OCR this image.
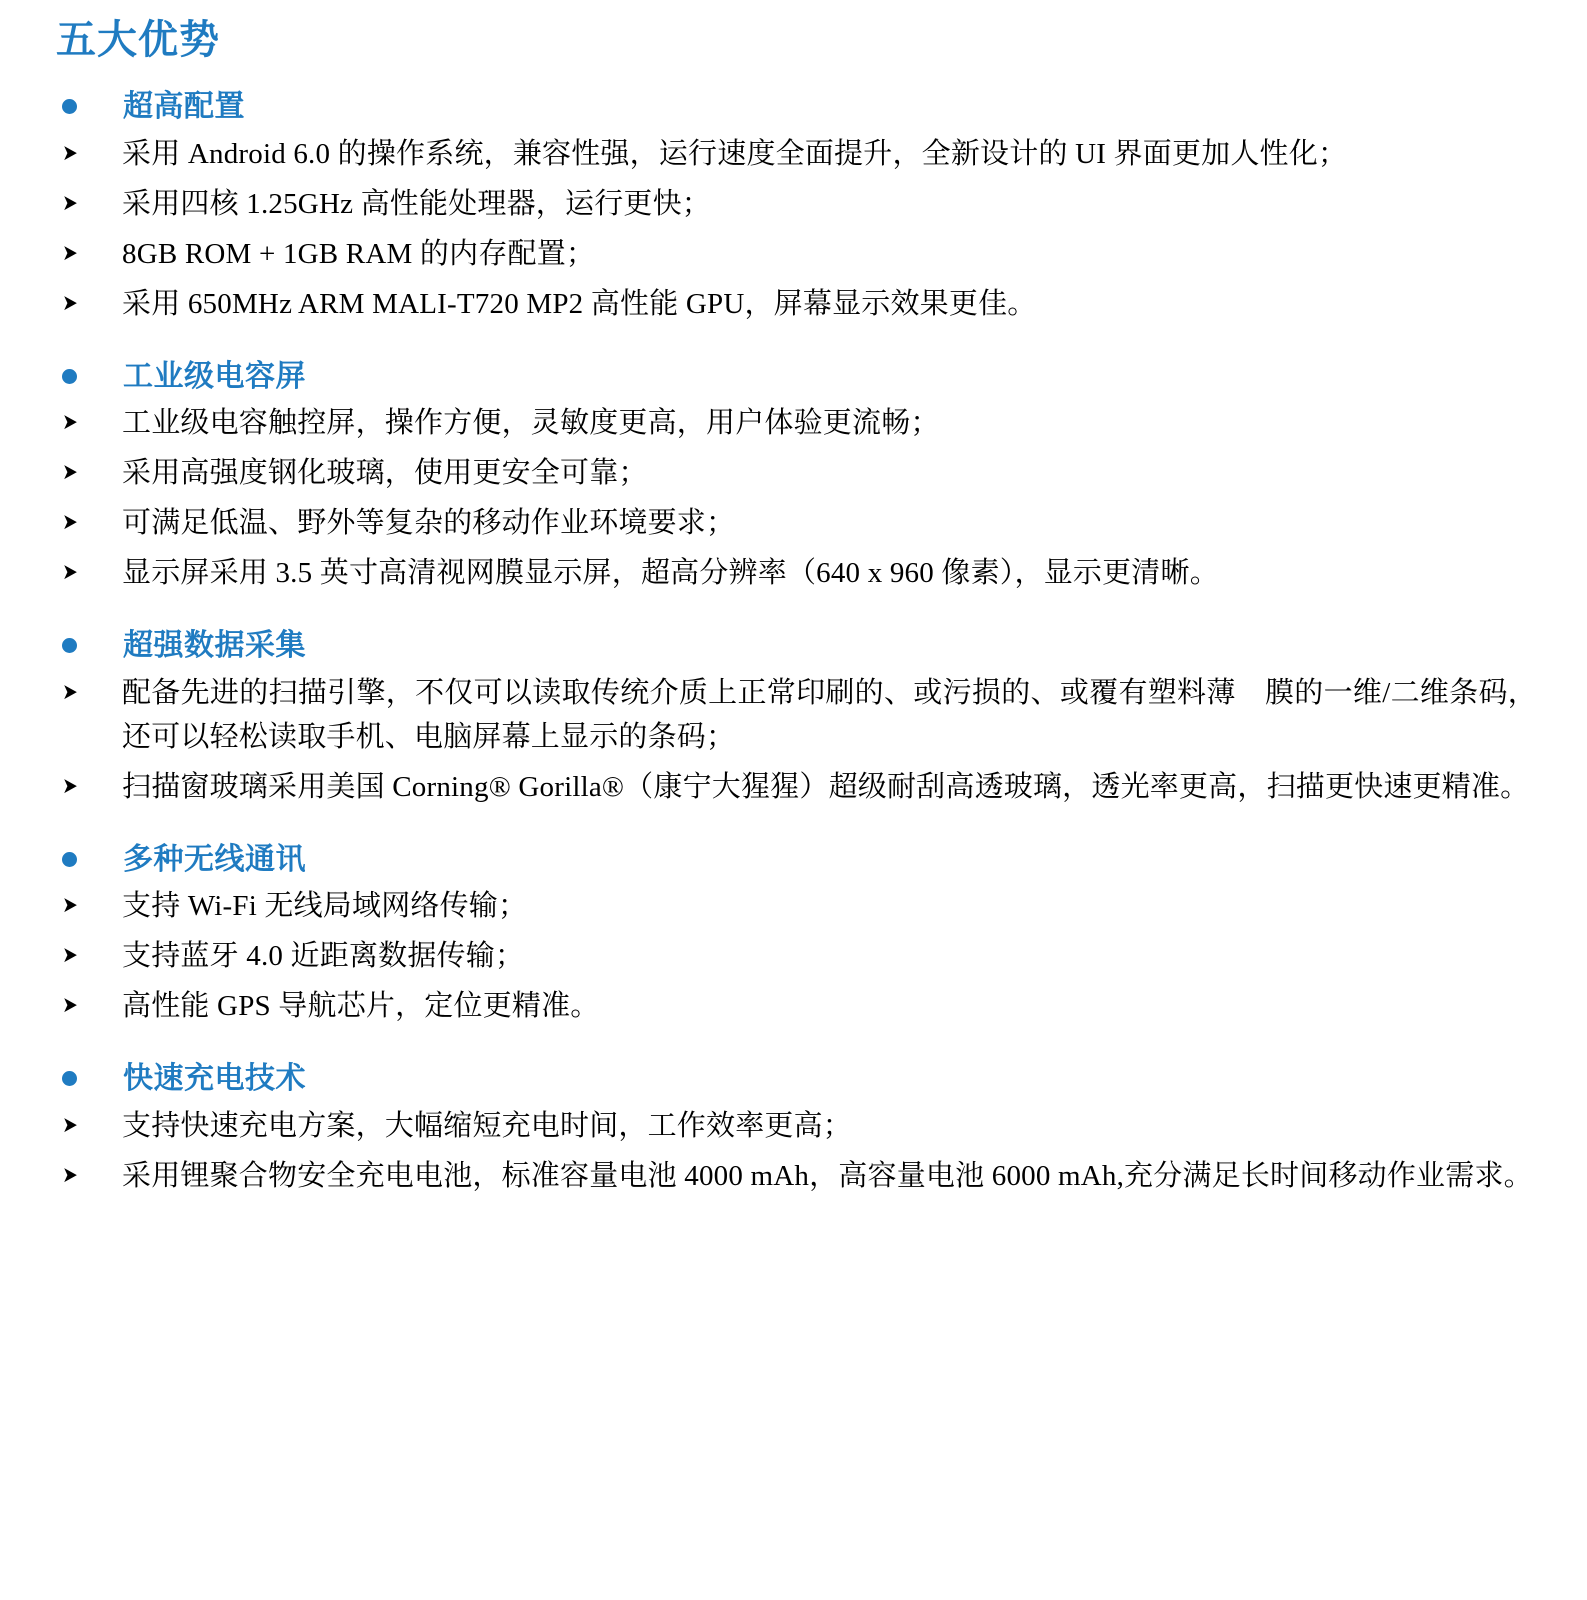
五大优势
超高配置
➤ 采用 Android 6.0 的操作系统，兼容性强，运行速度全面提升，全新设计的 UI 界面更加人性化；
➤ 采用四核 1.25GHz 高性能处理器，运行更快；
➤ 8GB ROM + 1GB RAM 的内存配置；
➤ 采用 650MHz ARM MALI-T720 MP2 高性能 GPU，屏幕显示效果更佳。
工业级电容屏
➤ 工业级电容触控屏，操作方便，灵敏度更高，用户体验更流畅；
➤ 采用高强度钢化玻璃，使用更安全可靠；
➤ 可满足低温、野外等复杂的移动作业环境要求；
➤ 显示屏采用 3.5 英寸高清视网膜显示屏，超高分辨率（640 x 960 像素），显示更清晰。
超强数据采集
➤ 配备先进的扫描引擎，不仅可以读取传统介质上正常印刷的、或污损的、或覆有塑料薄　膜的一维/二维条码，还可以轻松读取手机、电脑屏幕上显示的条码；
➤ 扫描窗玻璃采用美国 Corning® Gorilla®（康宁大猩猩）超级耐刮高透玻璃，透光率更高，扫描更快速更精准。
多种无线通讯
➤ 支持 Wi-Fi 无线局域网络传输；
➤ 支持蓝牙 4.0 近距离数据传输；
➤ 高性能 GPS 导航芯片，定位更精准。
快速充电技术
➤ 支持快速充电方案，大幅缩短充电时间，工作效率更高；
➤ 采用锂聚合物安全充电电池，标准容量电池 4000 mAh，高容量电池 6000 mAh,充分满足长时间移动作业需求。
